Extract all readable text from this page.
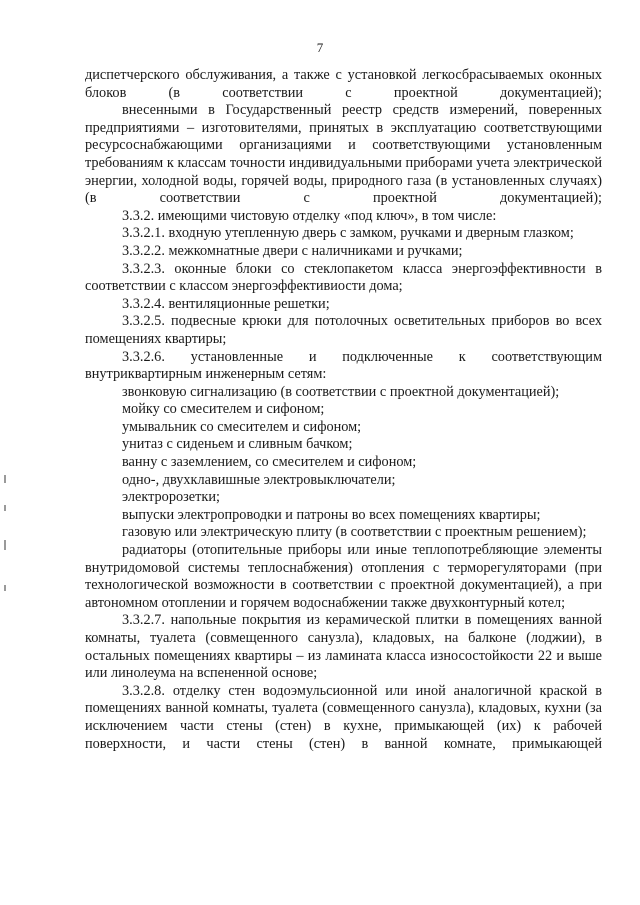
7

диспетчерского обслуживания, а также с установкой легкосбрасываемых оконных блоков (в соответствии с проектной документацией);

внесенными в Государственный реестр средств измерений, поверенных предприятиями – изготовителями, принятых в эксплуатацию соответствующими ресурсоснабжающими организациями и соответствующими установленным требованиям к классам точности индивидуальными приборами учета электрической энергии, холодной воды, горячей воды, природного газа (в установленных случаях) (в соответствии с проектной документацией);

3.3.2. имеющими чистовую отделку «под ключ», в том числе:

3.3.2.1. входную утепленную дверь с замком, ручками и дверным глазком;

3.3.2.2. межкомнатные двери с наличниками и ручками;

3.3.2.3. оконные блоки со стеклопакетом класса энергоэффективности в соответствии с классом энергоэффективиости дома;

3.3.2.4. вентиляционные решетки;

3.3.2.5. подвесные крюки для потолочных осветительных приборов во всех помещениях квартиры;

3.3.2.6. установленные и подключенные к соответствующим внутриквартирным инженерным сетям:

звонковую сигнализацию (в соответствии с проектной документацией);
мойку со смесителем и сифоном;
умывальник со смесителем и сифоном;
унитаз с сиденьем и сливным бачком;
ванну с заземлением, со смесителем и сифоном;
одно-, двухклавишные электровыключатели;
электророзетки;
выпуски электропроводки и патроны во всех помещениях квартиры;
газовую или электрическую плиту (в соответствии с проектным решением);

радиаторы (отопительные приборы или иные теплопотребляющие элементы внутридомовой системы теплоснабжения) отопления с терморегуляторами (при технологической возможности в соответствии с проектной документацией), а при автономном отоплении и горячем водоснабжении также двухконтурный котел;

3.3.2.7. напольные покрытия из керамической плитки в помещениях ванной комнаты, туалета (совмещенного санузла), кладовых, на балконе (лоджии), в остальных помещениях квартиры – из ламината класса износостойкости 22 и выше или линолеума на вспененной основе;

3.3.2.8. отделку стен водоэмульсионной или иной аналогичной краской в помещениях ванной комнаты, туалета (совмещенного санузла), кладовых, кухни (за исключением части стены (стен) в кухне, примыкающей (их) к рабочей поверхности, и части стены (стен) в ванной комнате, примыкающей
